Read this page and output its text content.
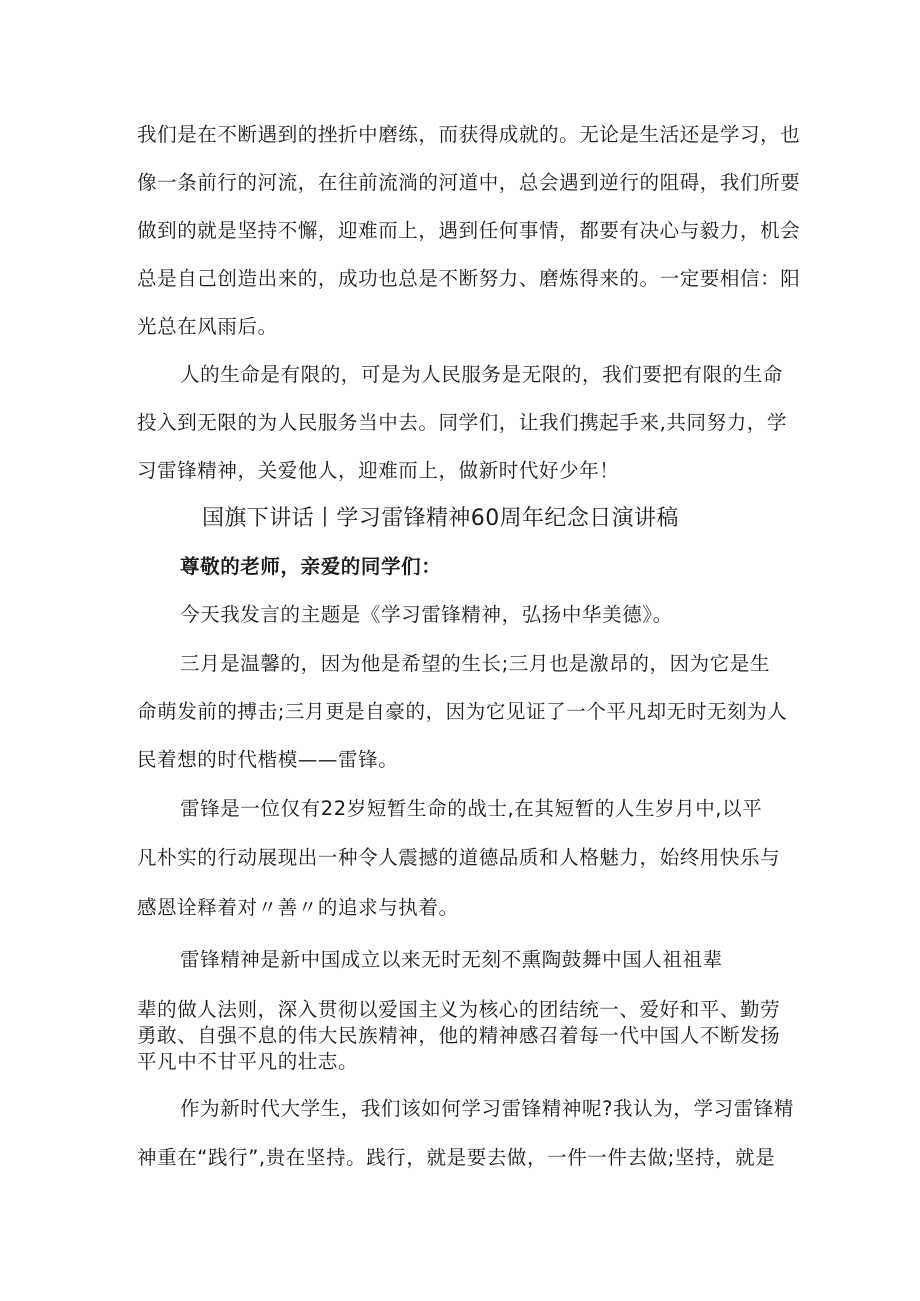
我们是在不断遇到的挫折中磨练，而获得成就的。无论是生活还是学习，也

像一条前行的河流，在往前流淌的河道中，总会遇到逆行的阻碍，我们所要

做到的就是坚持不懈，迎难而上，遇到任何事情，都要有决心与毅力，机会

总是自己创造出来的，成功也总是不断努力、磨炼得来的。一定要相信：阳

光总在风雨后。

人的生命是有限的，可是为人民服务是无限的，我们要把有限的生命

投入到无限的为人民服务当中去。同学们，让我们携起手来,共同努力，学

习雷锋精神，关爱他人，迎难而上，做新时代好少年！

国旗下讲话丨学习雷锋精神60周年纪念日演讲稿

尊敬的老师，亲爱的同学们：

今天我发言的主题是《学习雷锋精神，弘扬中华美德》。

三月是温馨的，因为他是希望的生长;三月也是激昂的，因为它是生

命萌发前的搏击;三月更是自豪的，因为它见证了一个平凡却无时无刻为人

民着想的时代楷模——雷锋。

雷锋是一位仅有22岁短暂生命的战士,在其短暂的人生岁月中,以平

凡朴实的行动展现出一种令人震撼的道德品质和人格魅力，始终用快乐与

感恩诠释着对〃善〃的追求与执着。

雷锋精神是新中国成立以来无时无刻不熏陶鼓舞中国人祖祖辈

辈的做人法则，深入贯彻以爱国主义为核心的团结统一、爱好和平、勤劳

勇敢、自强不息的伟大民族精神，他的精神感召着每一代中国人不断发扬

平凡中不甘平凡的壮志。

作为新时代大学生，我们该如何学习雷锋精神呢?我认为，学习雷锋精

神重在“践行”,贵在坚持。践行，就是要去做，一件一件去做;坚持，就是
